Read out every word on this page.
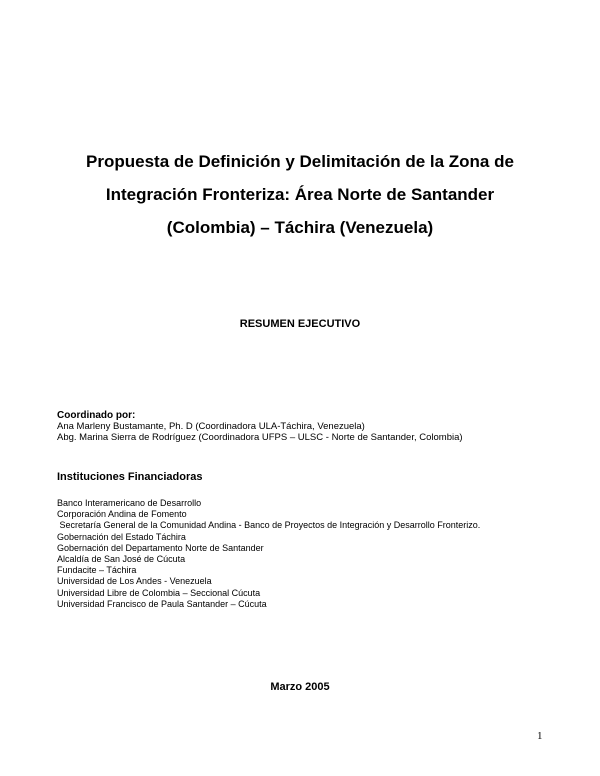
Propuesta de Definición y Delimitación de la Zona de
Integración Fronteriza: Área Norte de Santander
(Colombia) – Táchira (Venezuela)
RESUMEN EJECUTIVO
Coordinado por:
Ana Marleny Bustamante, Ph. D (Coordinadora ULA-Táchira, Venezuela)
Abg. Marina Sierra de Rodríguez (Coordinadora UFPS – ULSC - Norte de Santander, Colombia)
Instituciones Financiadoras
Banco Interamericano de Desarrollo
Corporación Andina de Fomento
Secretaría General de la Comunidad Andina - Banco de Proyectos de Integración y Desarrollo Fronterizo.
Gobernación del Estado Táchira
Gobernación del Departamento Norte de Santander
Alcaldía de San José de Cúcuta
Fundacite – Táchira
Universidad de Los Andes - Venezuela
Universidad Libre de Colombia – Seccional Cúcuta
Universidad Francisco de Paula Santander – Cúcuta
Marzo 2005
1
